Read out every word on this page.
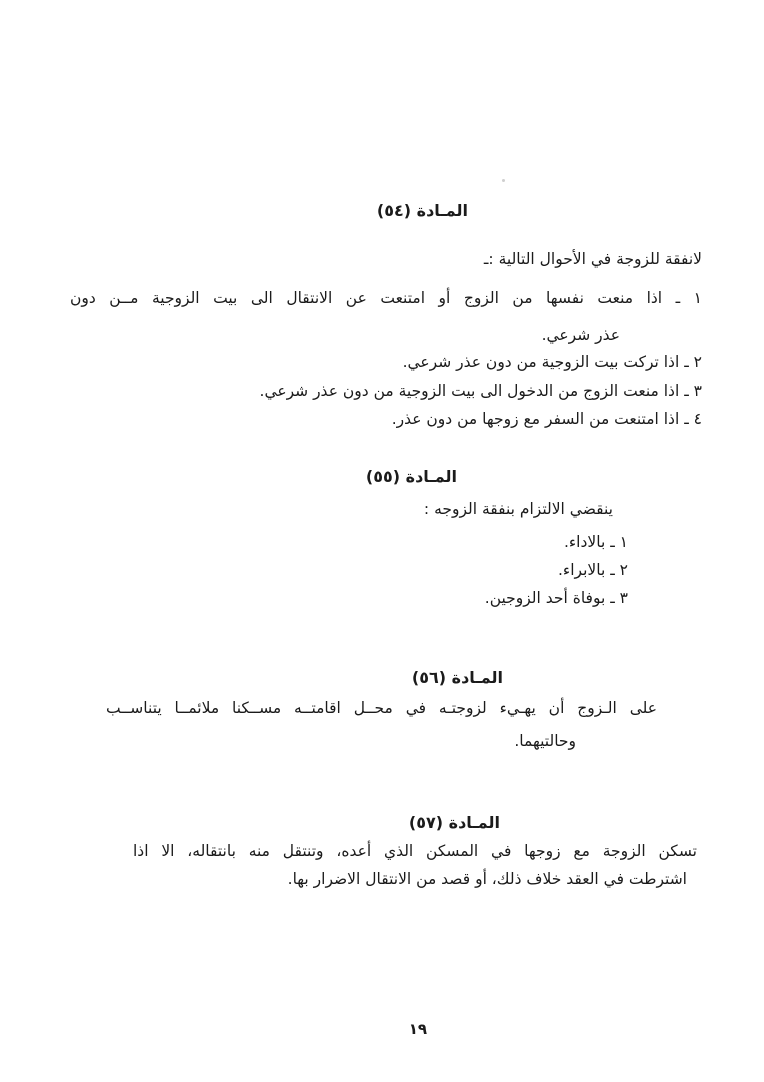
المـادة (٥٤)
لانفقة للزوجة في الأحوال التالية :ـ
١ ـ اذا منعت نفسها من الزوج أو امتنعت عن الانتقال الى بيت الزوجية مــن دون
عذر شرعي.
٢ ـ اذا تركت بيت الزوجية من دون عذر شرعي.
٣ ـ اذا منعت الزوج من الدخول الى بيت الزوجية من دون عذر شرعي.
٤ ـ اذا امتنعت من السفر مع زوجها من دون عذر.
المـادة (٥٥)
ينقضي الالتزام بنفقة الزوجه :
١ ـ بالاداء.
٢ ـ بالابراء.
٣ ـ بوفاة أحد الزوجين.
المـادة (٥٦)
على الـزوج أن يهـيء لزوجتـه في محــل اقامتــه مســكنا ملائمــا يتناســب
وحالتيهما.
المـادة (٥٧)
تسكن الزوجة مع زوجها في المسكن الذي أعده، وتنتقل منه بانتقاله، الا اذا
اشترطت في العقد خلاف ذلك، أو قصد من الانتقال الاضرار بها.
١٩
